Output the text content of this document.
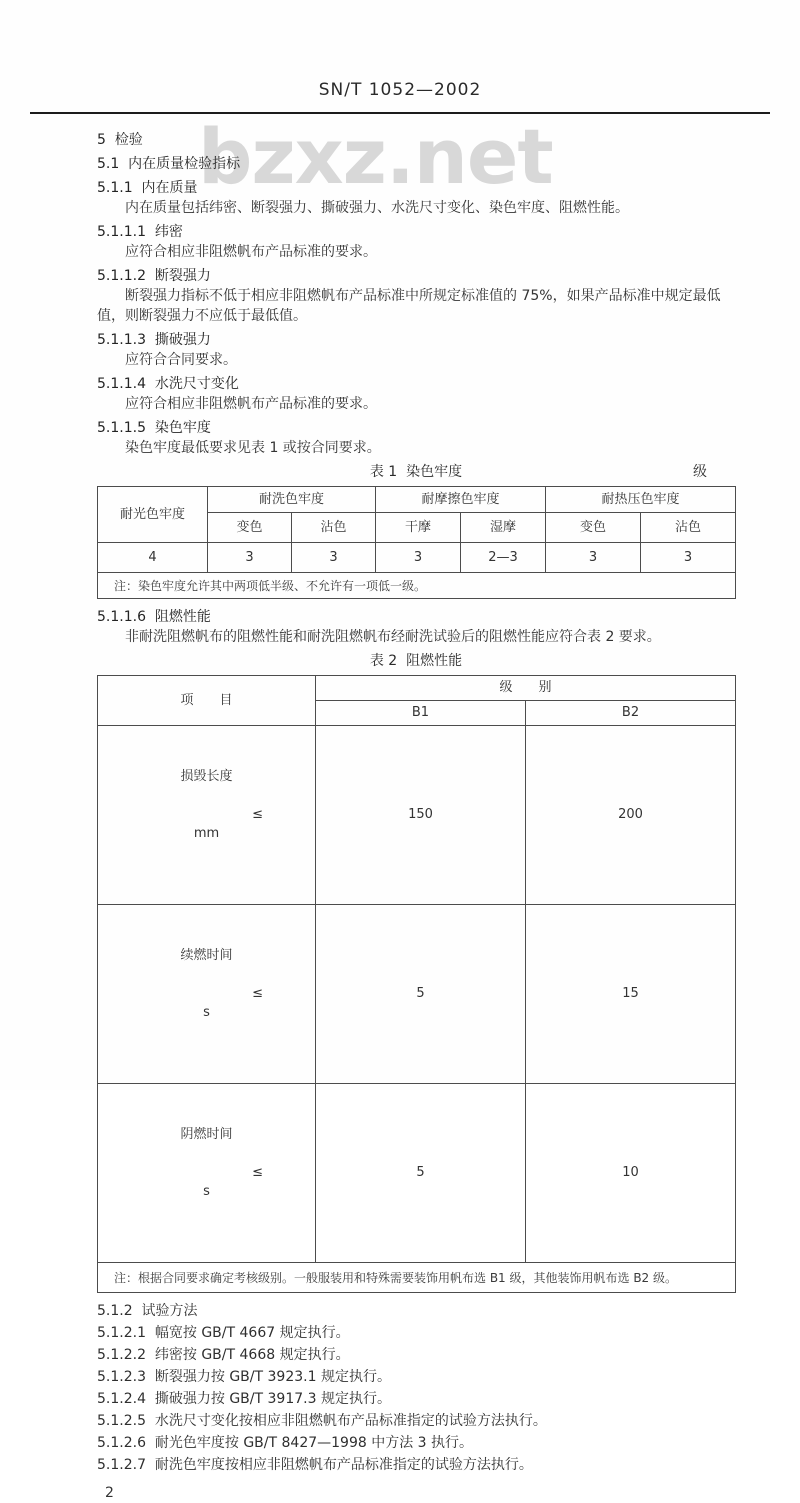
SN/T 1052—2002
bzxz.net

5  检验

5.1  内在质量检验指标

5.1.1  内在质量

内在质量包括纬密、断裂强力、撕破强力、水洗尺寸变化、染色牢度、阻燃性能。

5.1.1.1  纬密

应符合相应非阻燃帆布产品标准的要求。

5.1.1.2  断裂强力

断裂强力指标不低于相应非阻燃帆布产品标准中所规定标准值的 75%，如果产品标准中规定最低值，则断裂强力不应低于最低值。

5.1.1.3  撕破强力

应符合合同要求。

5.1.1.4  水洗尺寸变化

应符合相应非阻燃帆布产品标准的要求。

5.1.1.5  染色牢度

染色牢度最低要求见表 1 或按合同要求。

表 1  染色牢度	级
耐光色牢度	耐洗色牢度		耐摩擦色牢度		耐热压色牢度	
	变色	沾色	干摩	湿摩	变色	沾色
4	3	3	3	2—3	3	3
注：染色牢度允许其中两项低半级、不允许有一项低一级。						

5.1.1.6  阻燃性能

非耐洗阻燃帆布的阻燃性能和耐洗阻燃帆布经耐洗试验后的阻燃性能应符合表 2 要求。

表 2  阻燃性能
项　　目	级　　别	
	B1	B2

损毁长度

mm

≤	150	200

续燃时间

s

≤	5	15

阴燃时间

s

≤	5	10
注：根据合同要求确定考核级别。一般服装用和特殊需要装饰用帆布选 B1 级，其他装饰用帆布选 B2 级。		

5.1.2  试验方法

5.1.2.1  幅宽按 GB/T 4667 规定执行。

5.1.2.2  纬密按 GB/T 4668 规定执行。

5.1.2.3  断裂强力按 GB/T 3923.1 规定执行。

5.1.2.4  撕破强力按 GB/T 3917.3 规定执行。

5.1.2.5  水洗尺寸变化按相应非阻燃帆布产品标准指定的试验方法执行。

5.1.2.6  耐光色牢度按 GB/T 8427—1998 中方法 3 执行。

5.1.2.7  耐洗色牢度按相应非阻燃帆布产品标准指定的试验方法执行。

2
